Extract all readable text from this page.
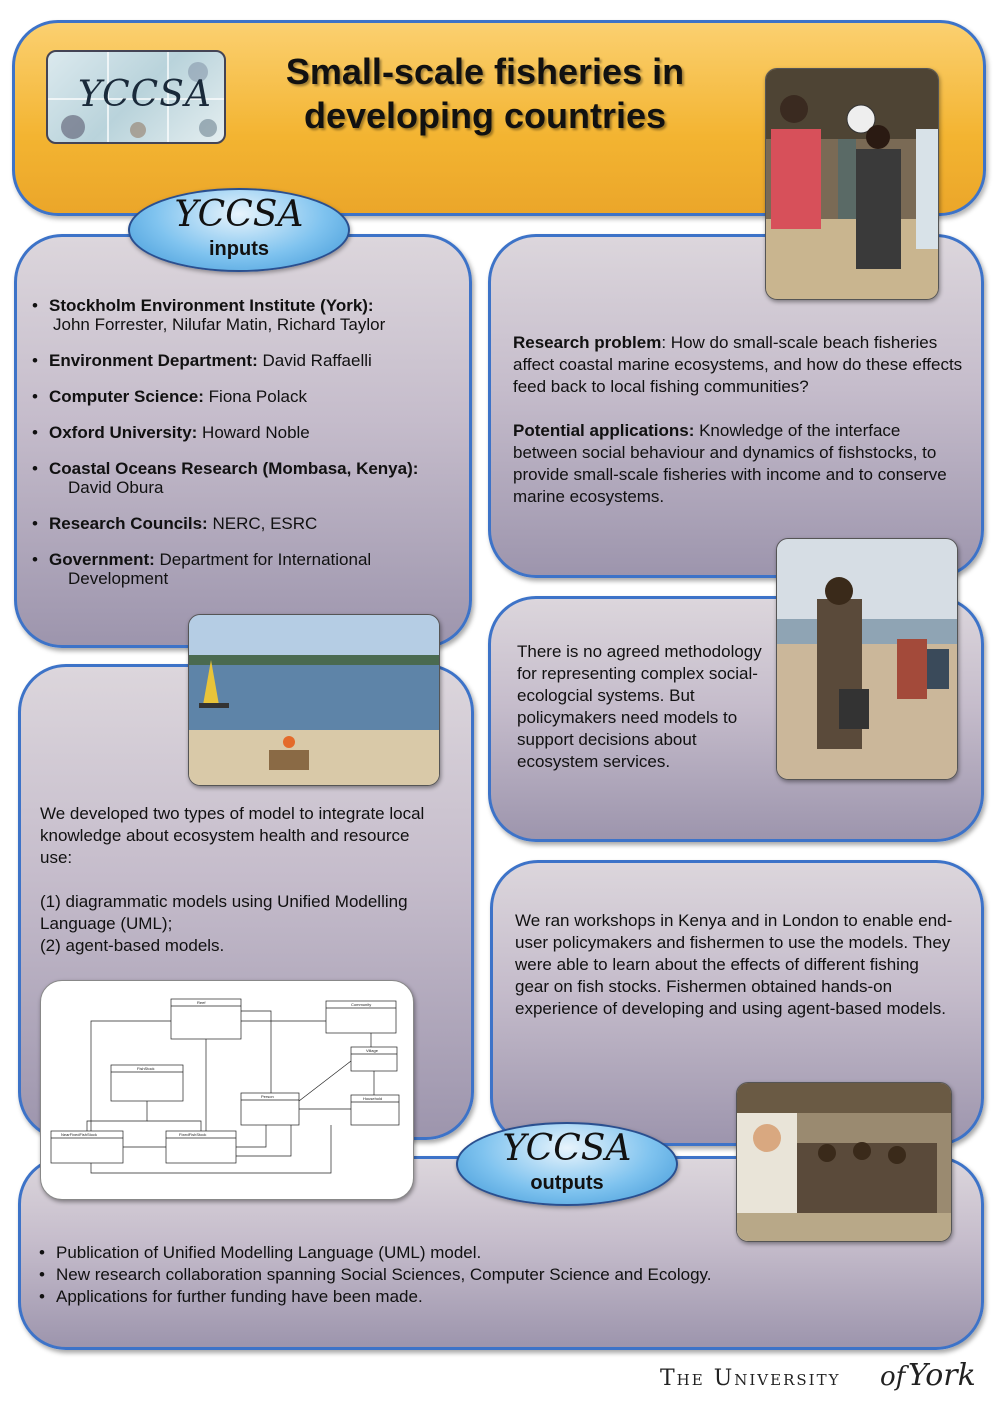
YCCSA
Small-scale fisheries in
developing countries
Reef	Community
Village
Person	Household
FishStock
NearFixedFishStock	FixedFishStock
YCCSA
inputs
YCCSA
outputs
• Stockholm Environment Institute (York):
John Forrester, Nilufar Matin, Richard Taylor
• Environment Department: David Raffaelli
• Computer Science: Fiona Polack
• Oxford University: Howard Noble
• Coastal Oceans Research (Mombasa, Kenya):
David Obura
• Research Councils: NERC, ESRC
• Government: Department for International
Development
Research problem: How do small-scale beach fisheries affect coastal marine ecosystems, and how do these effects feed back to local fishing communities?
Potential applications: Knowledge of the interface between social behaviour and dynamics of fishstocks, to provide small-scale fisheries with income and to conserve marine ecosystems.
There is no agreed methodology for representing complex social-ecologcial systems. But policymakers need models to support decisions about ecosystem services.
We developed two types of model to integrate local knowledge about ecosystem health and resource use:
(1) diagrammatic models using Unified Modelling Language (UML);
(2) agent-based models.
We ran workshops in Kenya and in London to enable end-user policymakers and fishermen to use the models. They were able to learn about the effects of different fishing gear on fish stocks. Fishermen obtained hands-on experience of developing and using agent-based models.
• Publication of Unified Modelling Language (UML) model.
• New research collaboration spanning Social Sciences, Computer Science and Ecology.
• Applications for further funding have been made.
The University of York
